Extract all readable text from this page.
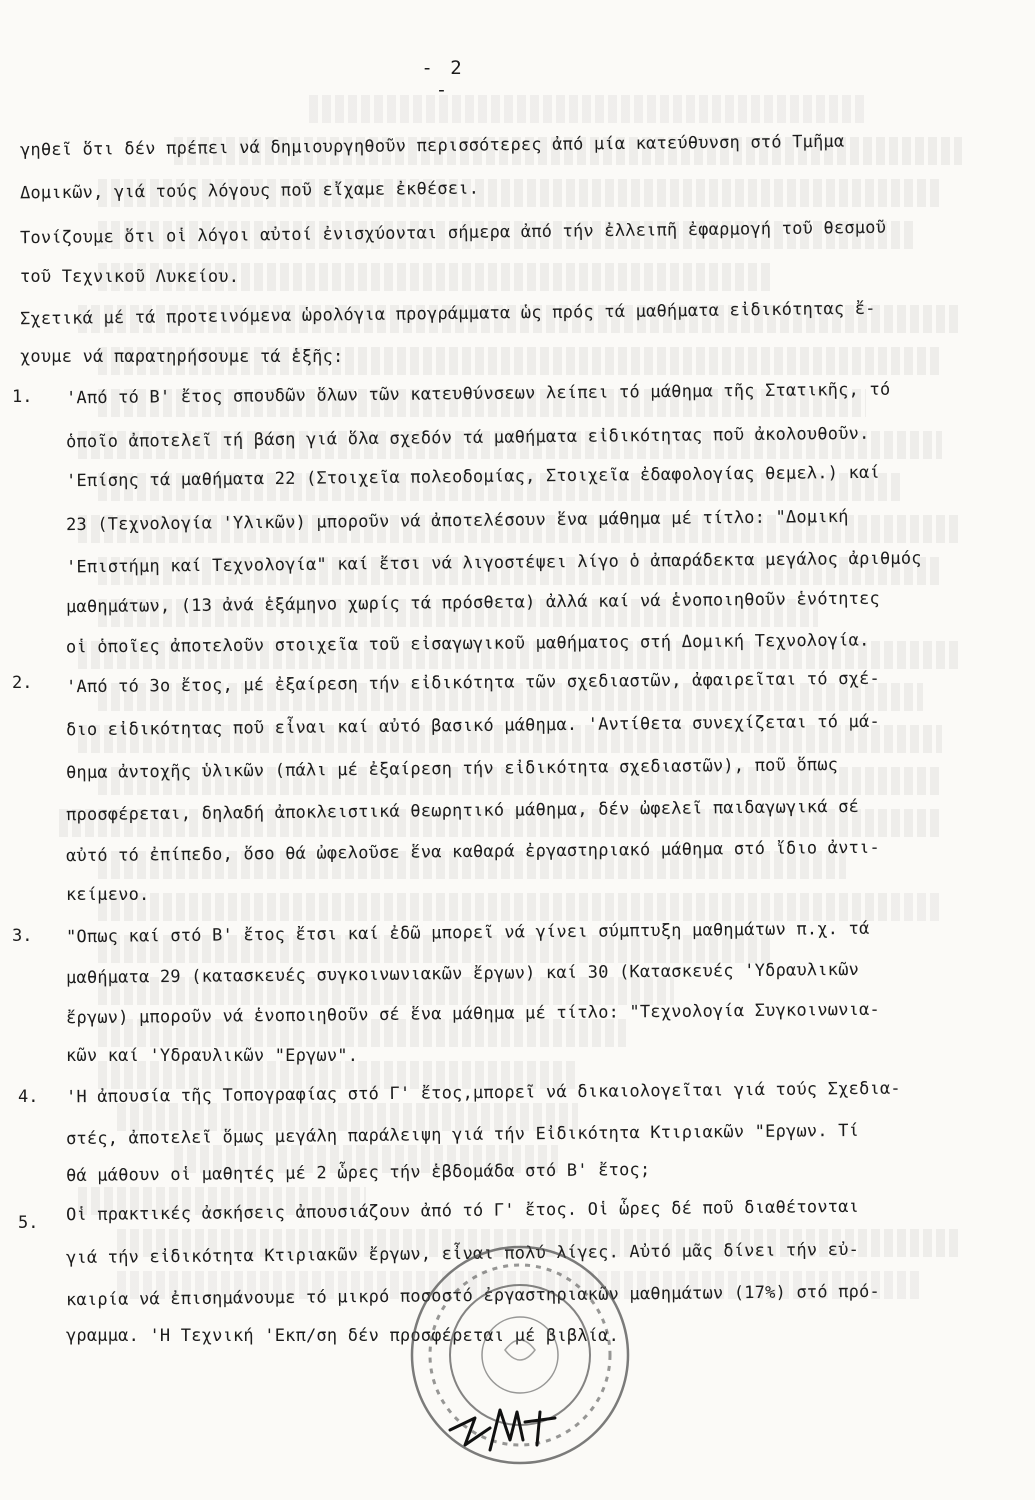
- 2 -
γηθεῖ ὅτι δέν πρέπει νά δημιουργηθοῦν περισσότερες ἀπό μία κατεύθυνση στό Τμῆμα
Δομικῶν, γιά τούς λόγους ποῦ εἴχαμε ἐκθέσει.
Τονίζουμε ὅτι οἱ λόγοι αὐτοί ἐνισχύονται σήμερα ἀπό τήν ἐλλειπῆ ἐφαρμογή τοῦ θεσμοῦ
τοῦ Τεχνικοῦ Λυκείου.
Σχετικά μέ τά προτεινόμενα ὡρολόγια προγράμματα ὡς πρός τά μαθήματα εἰδικότητας ἔ-
χουμε νά παρατηρήσουμε τά ἑξῆς:
1. 'Από τό Β' ἔτος σπουδῶν ὅλων τῶν κατευθύνσεων λείπει τό μάθημα τῆς Στατικῆς, τό
ὁποῖο ἀποτελεῖ τή βάση γιά ὅλα σχεδόν τά μαθήματα εἰδικότητας ποῦ ἀκολουθοῦν.
'Επίσης τά μαθήματα 22 (Στοιχεῖα πολεοδομίας, Στοιχεῖα ἐδαφολογίας θεμελ.) καί
23 (Τεχνολογία 'Υλικῶν) μποροῦν νά ἀποτελέσουν ἕνα μάθημα μέ τίτλο: "Δομική
'Επιστήμη καί Τεχνολογία" καί ἔτσι νά λιγοστέψει λίγο ὁ ἀπαράδεκτα μεγάλος ἀριθμός
μαθημάτων, (13 ἀνά ἑξάμηνο χωρίς τά πρόσθετα) ἀλλά καί νά ἑνοποιηθοῦν ἑνότητες
οἱ ὁποῖες ἀποτελοῦν στοιχεῖα τοῦ εἰσαγωγικοῦ μαθήματος στή Δομική Τεχνολογία.
2. 'Από τό 3ο ἔτος, μέ ἐξαίρεση τήν εἰδικότητα τῶν σχεδιαστῶν, ἀφαιρεῖται τό σχέ-
διο εἰδικότητας ποῦ εἶναι καί αὐτό βασικό μάθημα. 'Αντίθετα συνεχίζεται τό μά-
θημα ἀντοχῆς ὑλικῶν (πάλι μέ ἐξαίρεση τήν εἰδικότητα σχεδιαστῶν), ποῦ ὅπως
προσφέρεται, δηλαδή ἀποκλειστικά θεωρητικό μάθημα, δέν ὠφελεῖ παιδαγωγικά σέ
αὐτό τό ἐπίπεδο, ὅσο θά ὠφελοῦσε ἕνα καθαρά ἐργαστηριακό μάθημα στό ἴδιο ἀντι-
κείμενο.
3. "Οπως καί στό Β' ἔτος ἔτσι καί ἐδῶ μπορεῖ νά γίνει σύμπτυξη μαθημάτων π.χ. τά
μαθήματα 29 (κατασκευές συγκοινωνιακῶν ἔργων) καί 30 (Κατασκευές 'Υδραυλικῶν
ἔργων) μποροῦν νά ἑνοποιηθοῦν σέ ἕνα μάθημα μέ τίτλο: "Τεχνολογία Συγκοινωνια-
κῶν καί 'Υδραυλικῶν "Εργων".
4. 'Η ἀπουσία τῆς Τοπογραφίας στό Γ' ἔτος,μπορεῖ νά δικαιολογεῖται γιά τούς Σχεδια-
στές, ἀποτελεῖ ὅμως μεγάλη παράλειψη γιά τήν Εἰδικότητα Κτιριακῶν "Εργων. Τί
θά μάθουν οἱ μαθητές μέ 2 ὧρες τήν ἑβδομάδα στό Β' ἔτος;
5. Οἱ πρακτικές ἀσκήσεις ἀπουσιάζουν ἀπό τό Γ' ἔτος. Οἱ ὧρες δέ ποῦ διαθέτονται
γιά τήν εἰδικότητα Κτιριακῶν ἔργων, εἶναι πολύ λίγες. Αὐτό μᾶς δίνει τήν εὐ-
καιρία νά ἐπισημάνουμε τό μικρό ποσοστό ἐργαστηριακῶν μαθημάτων (17%) στό πρό-
γραμμα. 'Η Τεχνική 'Εκπ/ση δέν προσφέρεται μέ βιβλία.
